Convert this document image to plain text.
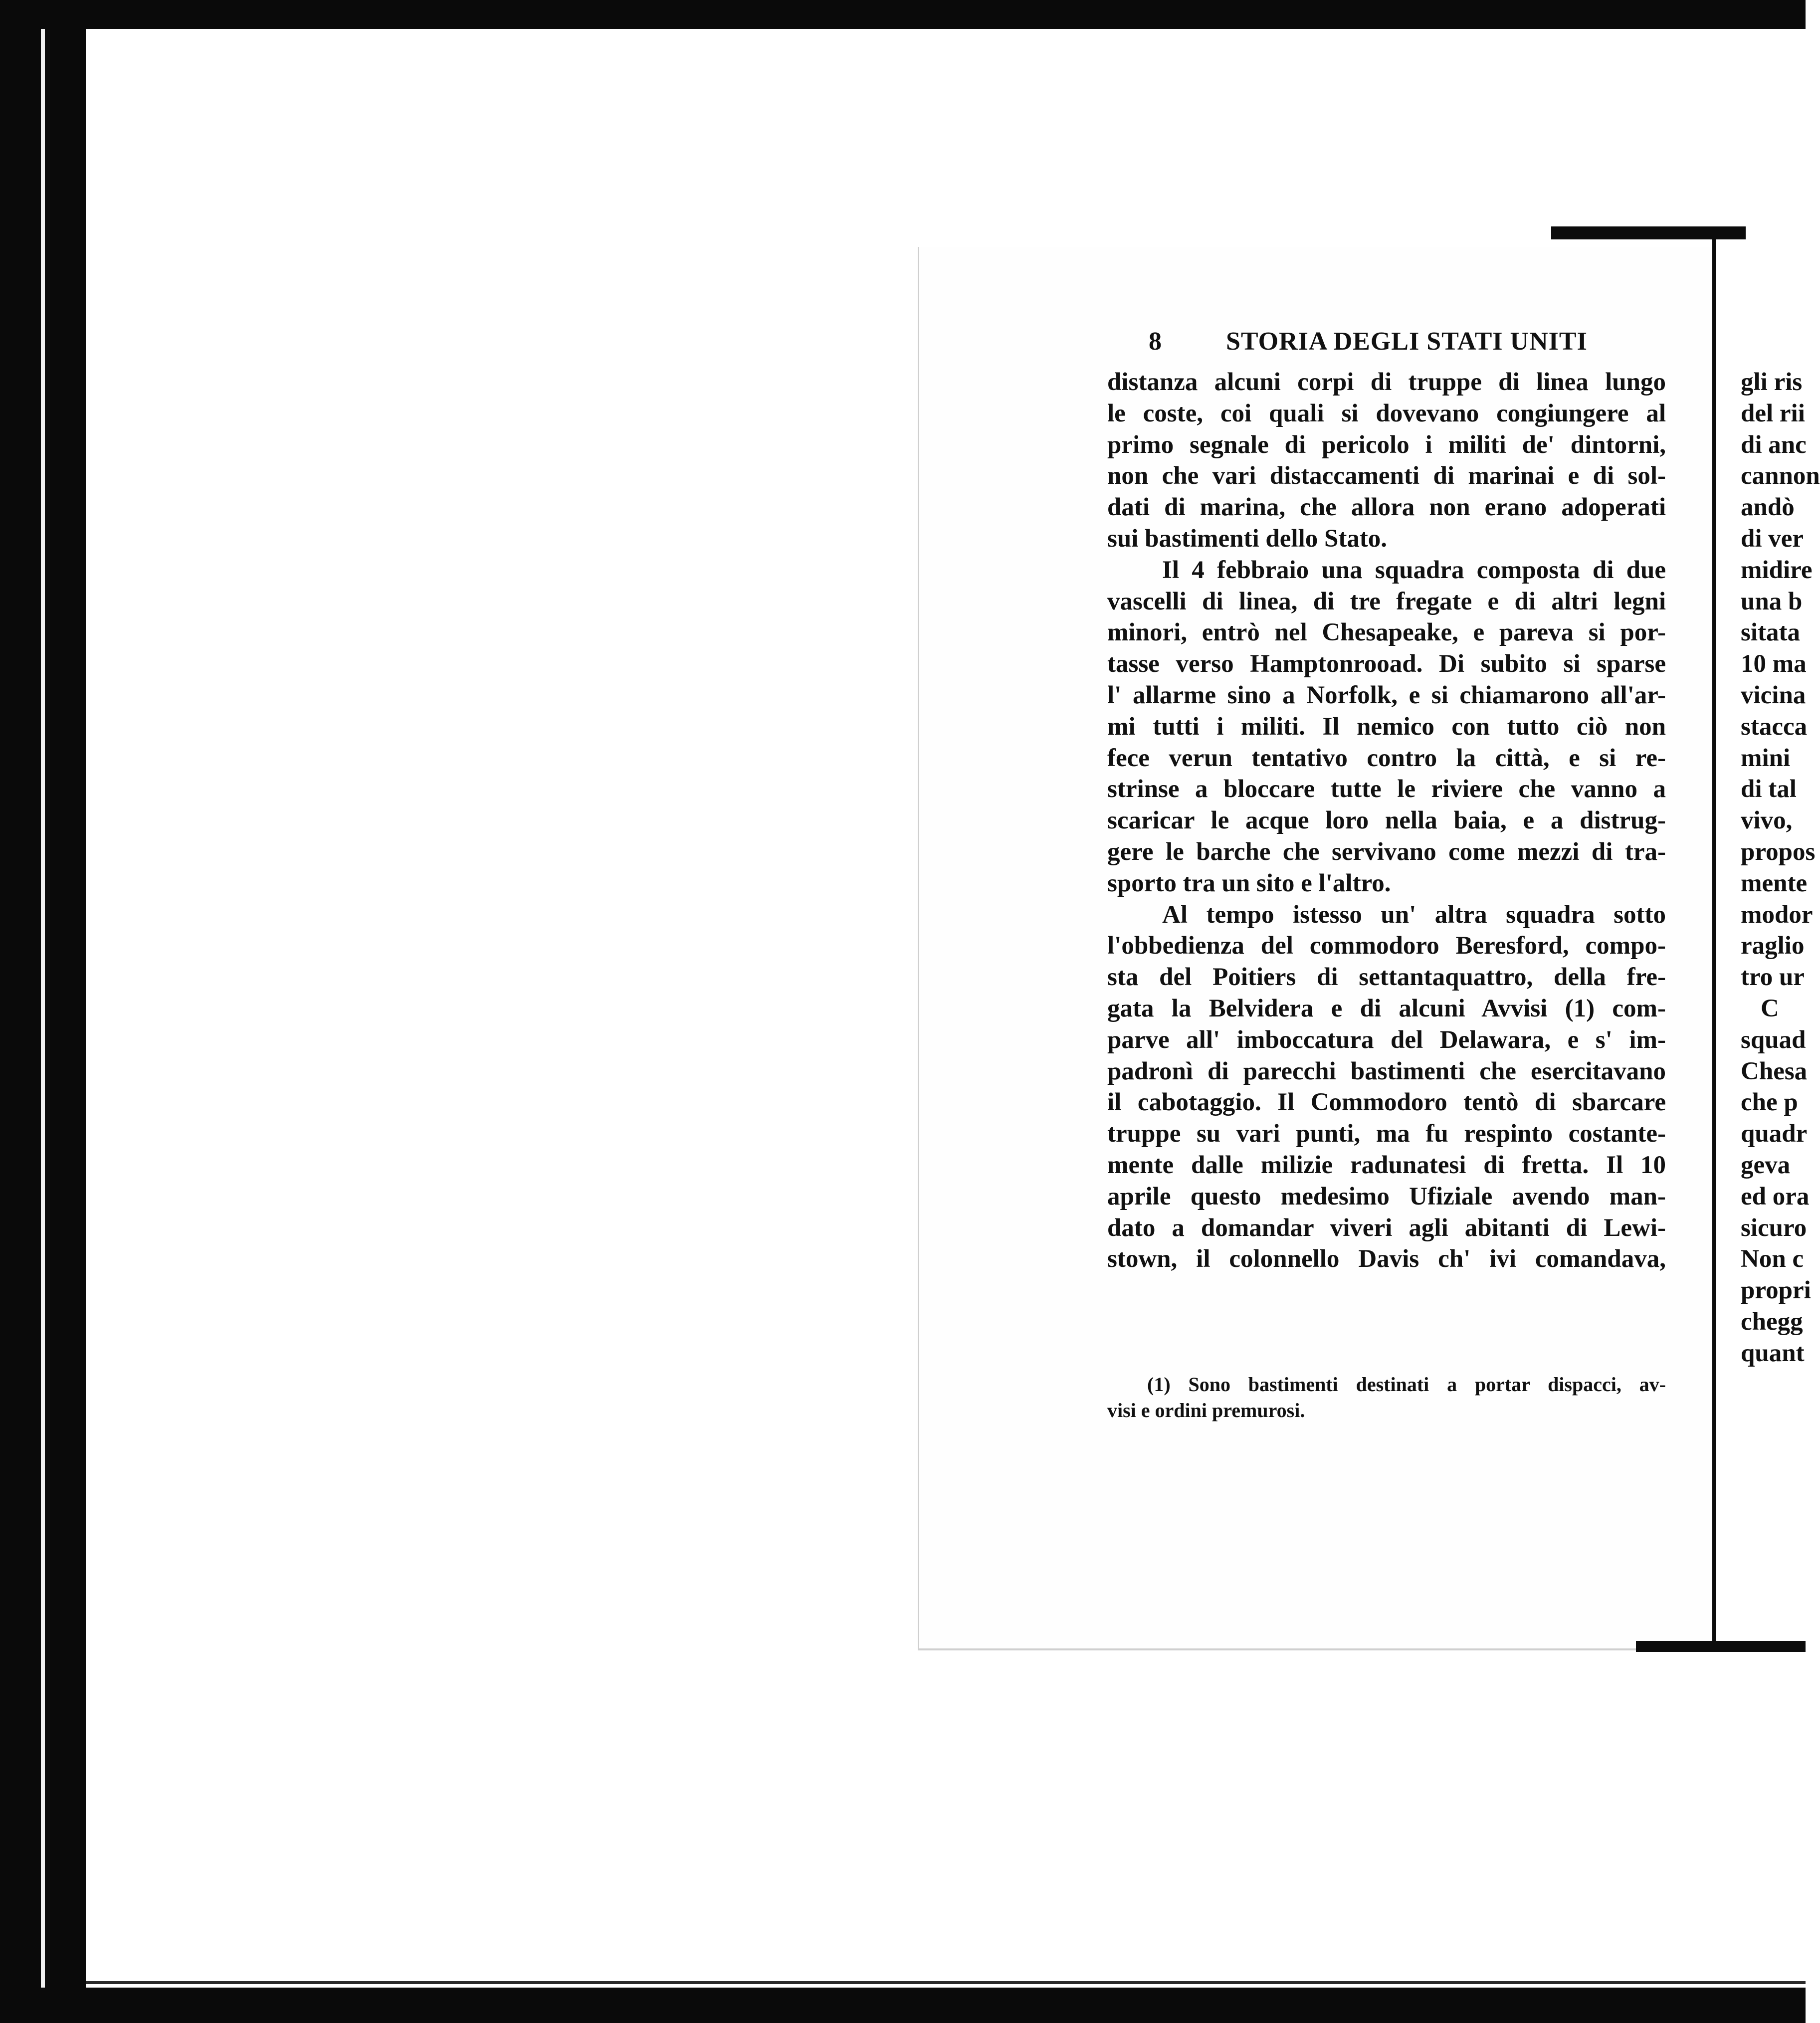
8 STORIA DEGLI STATI UNITI
distanza alcuni corpi di truppe di linea lungo
le coste, coi quali si dovevano congiungere al
primo segnale di pericolo i militi de' dintorni,
non che vari distaccamenti di marinai e di sol-
dati di marina, che allora non erano adoperati
sui bastimenti dello Stato.
Il 4 febbraio una squadra composta di due
vascelli di linea, di tre fregate e di altri legni
minori, entrò nel Chesapeake, e pareva si por-
tasse verso Hamptonrooad. Di subito si sparse
l' allarme sino a Norfolk, e si chiamarono all'ar-
mi tutti i militi. Il nemico con tutto ciò non
fece verun tentativo contro la città, e si re-
strinse a bloccare tutte le riviere che vanno a
scaricar le acque loro nella baia, e a distrug-
gere le barche che servivano come mezzi di tra-
sporto tra un sito e l'altro.
Al tempo istesso un' altra squadra sotto
l'obbedienza del commodoro Beresford, compo-
sta del Poitiers di settantaquattro, della fre-
gata la Belvidera e di alcuni Avvisi (1) com-
parve all' imboccatura del Delawara, e s' im-
padronì di parecchi bastimenti che esercitavano
il cabotaggio. Il Commodoro tentò di sbarcare
truppe su vari punti, ma fu respinto costante-
mente dalle milizie radunatesi di fretta. Il 10
aprile questo medesimo Ufiziale avendo man-
dato a domandar viveri agli abitanti di Lewi-
stown, il colonnello Davis ch' ivi comandava,
(1) Sono bastimenti destinati a portar dispacci, av-
visi e ordini premurosi.
gli ris
del rii
di anc
cannon
andò
di ver
midire
una b
sitata
10 ma
vicina
stacca
mini
di tal
vivo,
propos
mente
modor
raglio
tro ur
C
squad
Chesa
che p
quadr
geva
ed ora
sicuro
Non c
propri
chegg
quant
